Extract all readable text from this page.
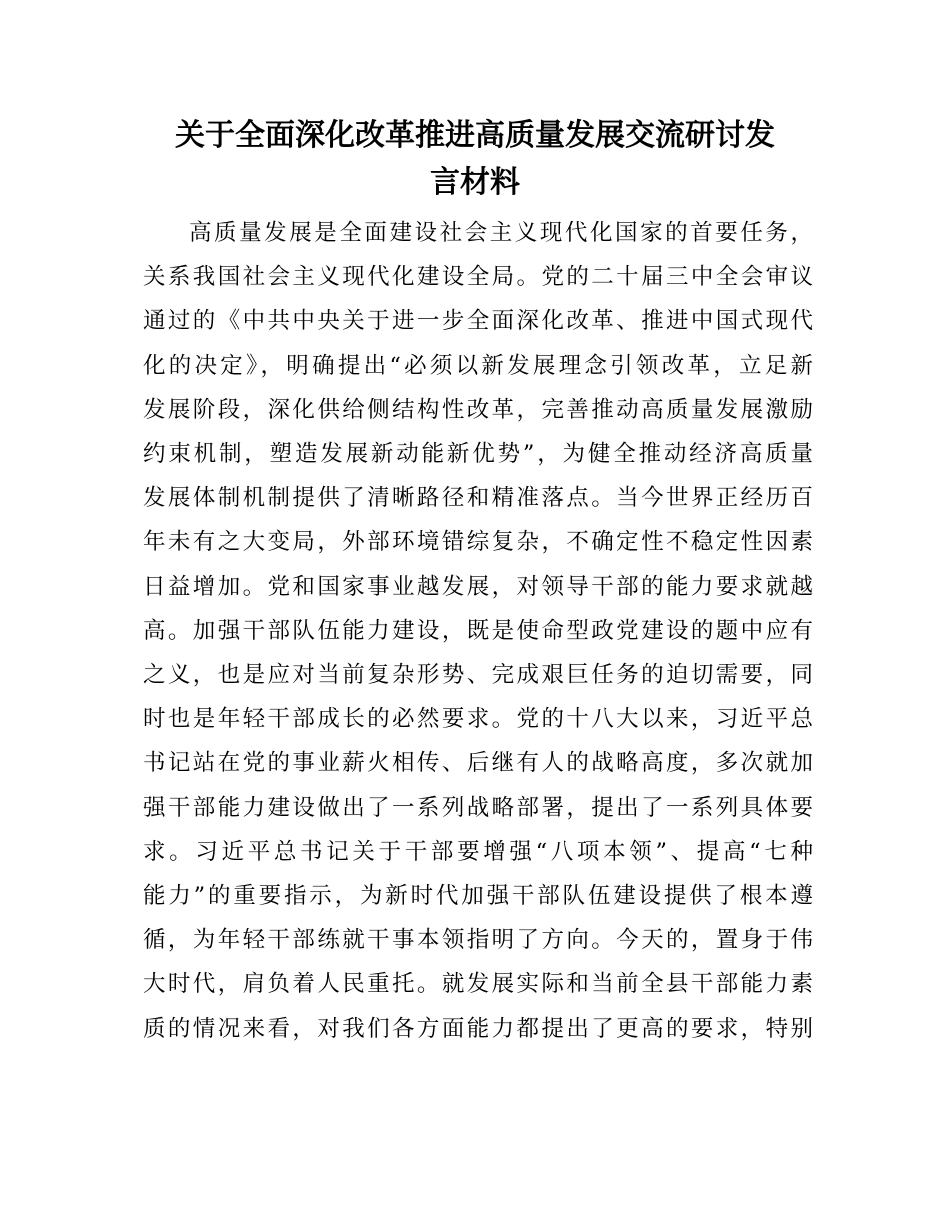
关于全面深化改革推进高质量发展交流研讨发
言材料
高质量发展是全面建设社会主义现代化国家的首要任务，
关系我国社会主义现代化建设全局。党的二十届三中全会审议
通过的《中共中央关于进一步全面深化改革、推进中国式现代
化的决定》，明确提出“必须以新发展理念引领改革，立足新
发展阶段，深化供给侧结构性改革，完善推动高质量发展激励
约束机制，塑造发展新动能新优势”，为健全推动经济高质量
发展体制机制提供了清晰路径和精准落点。当今世界正经历百
年未有之大变局，外部环境错综复杂，不确定性不稳定性因素
日益增加。党和国家事业越发展，对领导干部的能力要求就越
高。加强干部队伍能力建设，既是使命型政党建设的题中应有
之义，也是应对当前复杂形势、完成艰巨任务的迫切需要，同
时也是年轻干部成长的必然要求。党的十八大以来，习近平总
书记站在党的事业薪火相传、后继有人的战略高度，多次就加
强干部能力建设做出了一系列战略部署，提出了一系列具体要
求。习近平总书记关于干部要增强“八项本领”、提高“七种
能力”的重要指示，为新时代加强干部队伍建设提供了根本遵
循，为年轻干部练就干事本领指明了方向。今天的，置身于伟
大时代，肩负着人民重托。就发展实际和当前全县干部能力素
质的情况来看，对我们各方面能力都提出了更高的要求，特别
